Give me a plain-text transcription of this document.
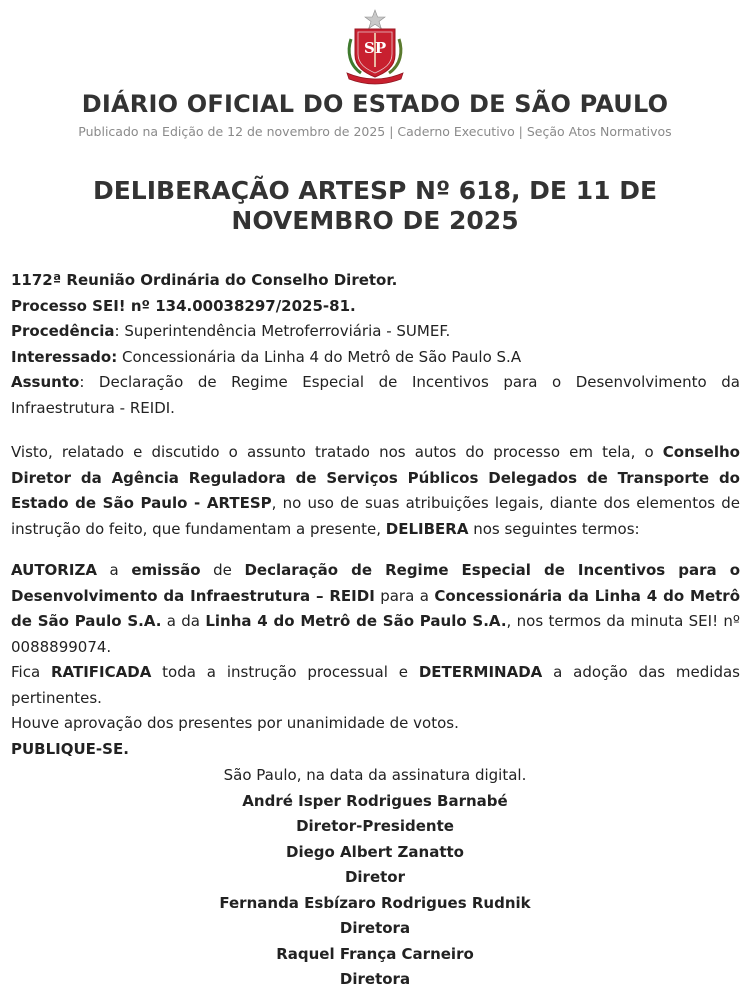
SP
DIÁRIO OFICIAL DO ESTADO DE SÃO PAULO
Publicado na Edição de 12 de novembro de 2025 | Caderno Executivo | Seção Atos Normativos
DELIBERAÇÃO ARTESP Nº 618, DE 11 DE NOVEMBRO DE 2025

1172ª Reunião Ordinária do Conselho Diretor.

Processo SEI! nº 134.00038297/2025-81.

Procedência: Superintendência Metroferroviária - SUMEF.

Interessado: Concessionária da Linha 4 do Metrô de São Paulo S.A

Assunto: Declaração de Regime Especial de Incentivos para o Desenvolvimento da Infraestrutura - REIDI.

Visto, relatado e discutido o assunto tratado nos autos do processo em tela, o Conselho Diretor da Agência Reguladora de Serviços Públicos Delegados de Transporte do Estado de São Paulo - ARTESP, no uso de suas atribuições legais, diante dos elementos de instrução do feito, que fundamentam a presente, DELIBERA nos seguintes termos:

AUTORIZA a emissão de Declaração de Regime Especial de Incentivos para o Desenvolvimento da Infraestrutura – REIDI para a Concessionária da Linha 4 do Metrô de São Paulo S.A. a da Linha 4 do Metrô de São Paulo S.A., nos termos da minuta SEI! nº 0088899074.

Fica RATIFICADA toda a instrução processual e DETERMINADA a adoção das medidas pertinentes.

Houve aprovação dos presentes por unanimidade de votos.

PUBLIQUE-SE.

São Paulo, na data da assinatura digital.
André Isper Rodrigues Barnabé
Diretor-Presidente
Diego Albert Zanatto
Diretor
Fernanda Esbízaro Rodrigues Rudnik
Diretora
Raquel França Carneiro
Diretora
